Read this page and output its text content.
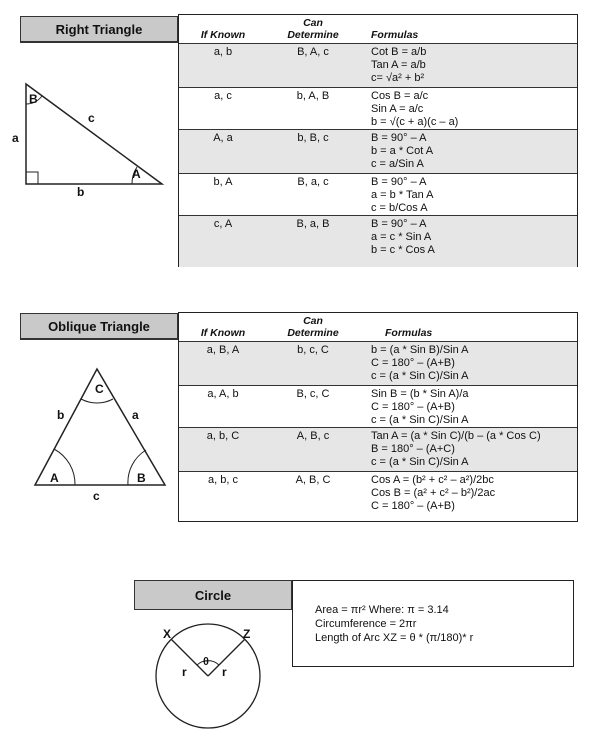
Right Triangle
B
a
c
A
b
If Known
Can
Determine	Formulas
a, b	B, A, c	Cot B = a/b
Tan A = a/b
c= √a² + b²
a, c	b, A, B	Cos B = a/c
Sin A = a/c
b = √(c + a)(c – a)
A, a	b, B, c	B = 90° – A
b = a * Cot A
c = a/Sin A
b, A	B, a, c	B = 90° – A
a = b * Tan A
c = b/Cos A
c, A	B, a, B	B = 90° – A
a = c * Sin A
b = c * Cos A
Oblique Triangle
C
b	a
A	B
c
If Known
Can
Determine	Formulas
a, B, A	b, c, C	b = (a * Sin B)/Sin A
C = 180° – (A+B)
c = (a * Sin C)/Sin A
a, A, b	B, c, C	Sin B = (b * Sin A)/a
C = 180° – (A+B)
c = (a * Sin C)/Sin A
a, b, C	A, B, c	Tan A = (a * Sin C)/(b – (a * Cos C)
B = 180° – (A+C)
c = (a * Sin C)/Sin A
a, b, c	A, B, C	Cos A = (b² + c² – a²)/2bc
Cos B = (a² + c² – b²)/2ac
C = 180° – (A+B)
Circle
Area = πr² Where: π = 3.14
Circumference = 2πr
Length of Arc XZ = θ * (π/180)* r
X	Z
θ
r	r
